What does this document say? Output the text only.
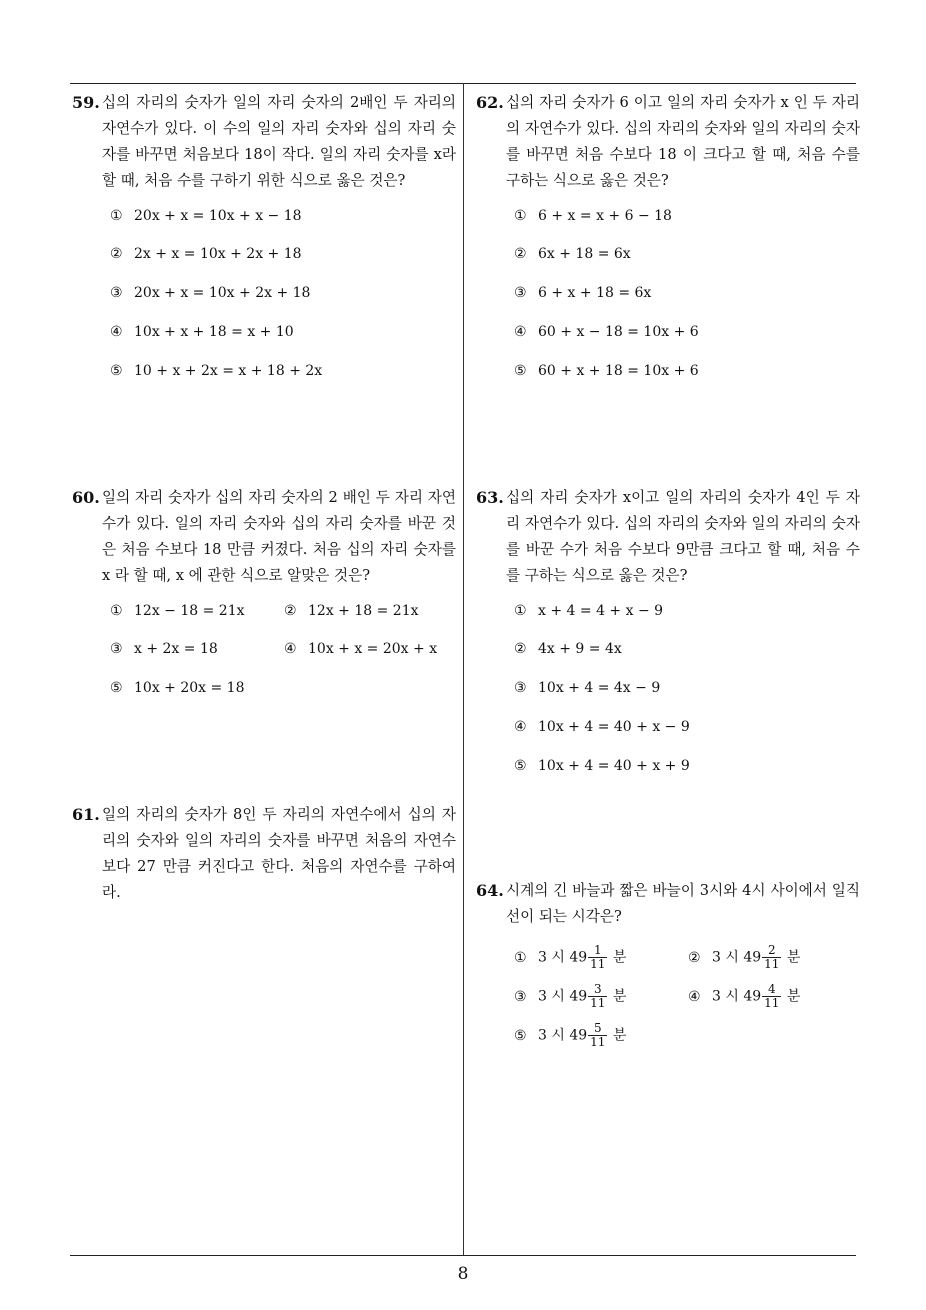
59. 십의 자리의 숫자가 일의 자리 숫자의 2배인 두 자리의 자연수가 있다. 이 수의 일의 자리 숫자와 십의 자리 숫자를 바꾸면 처음보다 18이 작다. 일의 자리 숫자를 x라 할 때, 처음 수를 구하기 위한 식으로 옳은 것은?
① 20x + x = 10x + x − 18
② 2x + x = 10x + 2x + 18
③ 20x + x = 10x + 2x + 18
④ 10x + x + 18 = x + 10
⑤ 10 + x + 2x = x + 18 + 2x
60. 일의 자리 숫자가 십의 자리 숫자의 2 배인 두 자리 자연수가 있다. 일의 자리 숫자와 십의 자리 숫자를 바꾼 것은 처음 수보다 18 만큼 커졌다. 처음 십의 자리 숫자를 x 라 할 때, x 에 관한 식으로 알맞은 것은?
① 12x − 18 = 21x	② 12x + 18 = 21x
③ x + 2x = 18	④ 10x + x = 20x + x
⑤ 10x + 20x = 18
61. 일의 자리의 숫자가 8인 두 자리의 자연수에서 십의 자리의 숫자와 일의 자리의 숫자를 바꾸면 처음의 자연수보다 27 만큼 커진다고 한다. 처음의 자연수를 구하여라.
62. 십의 자리 숫자가 6 이고 일의 자리 숫자가 x 인 두 자리의 자연수가 있다. 십의 자리의 숫자와 일의 자리의 숫자를 바꾸면 처음 수보다 18 이 크다고 할 때, 처음 수를 구하는 식으로 옳은 것은?
① 6 + x = x + 6 − 18
② 6x + 18 = 6x
③ 6 + x + 18 = 6x
④ 60 + x − 18 = 10x + 6
⑤ 60 + x + 18 = 10x + 6
63. 십의 자리 숫자가 x이고 일의 자리의 숫자가 4인 두 자리 자연수가 있다. 십의 자리의 숫자와 일의 자리의 숫자를 바꾼 수가 처음 수보다 9만큼 크다고 할 때, 처음 수를 구하는 식으로 옳은 것은?
① x + 4 = 4 + x − 9
② 4x + 9 = 4x
③ 10x + 4 = 4x − 9
④ 10x + 4 = 40 + x − 9
⑤ 10x + 4 = 40 + x + 9
64. 시계의 긴 바늘과 짧은 바늘이 3시와 4시 사이에서 일직선이 되는 시각은?
① 3 시 $49 \frac{1}{11}$ 분	② 3 시 $49 \frac{2}{11}$ 분
③ 3 시 $49 \frac{3}{11}$ 분	④ 3 시 $49 \frac{4}{11}$ 분
⑤ 3 시 $49 \frac{5}{11}$ 분
8
